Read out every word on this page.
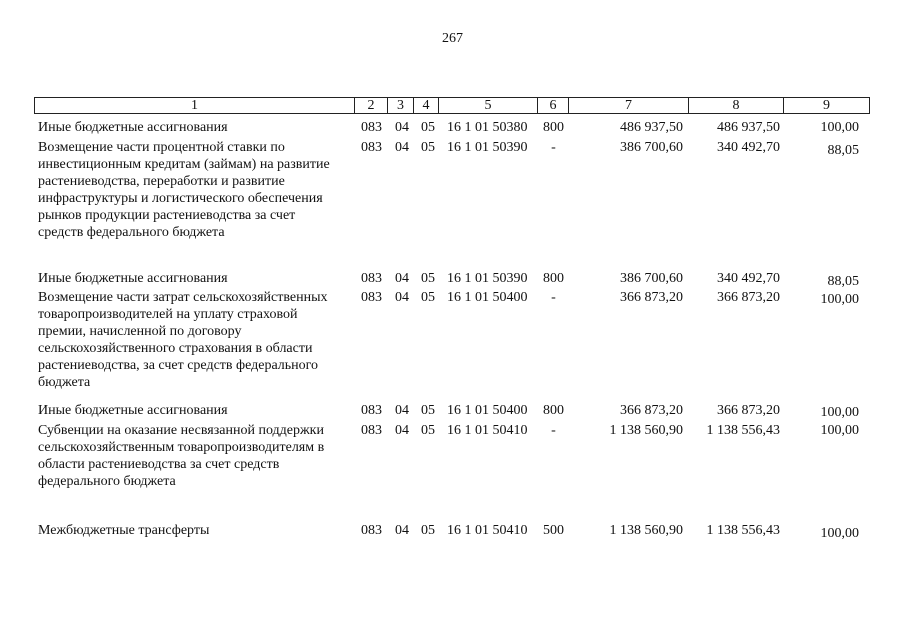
267
1	2	3	4	5	6	7	8	9
Иные бюджетные ассигнования	083 04 05 16 1 01 50380	800	486 937,50	486 937,50	100,00
Возмещение части процентной ставки по
инвестиционным кредитам (займам) на развитие
растениеводства, переработки и развитие
инфраструктуры и логистического обеспечения
рынков продукции растениеводства за счет
средств федерального бюджета
083 04 05 16 1 01 50390	-	386 700,60	340 492,70	88,05
Иные бюджетные ассигнования	083 04 05 16 1 01 50390	800	386 700,60	340 492,70	88,05
Возмещение части затрат сельскохозяйственных
товаропроизводителей на уплату страховой
премии, начисленной по договору
сельскохозяйственного страхования в области
растениеводства, за счет средств федерального
бюджета
083 04 05 16 1 01 50400	-	366 873,20	366 873,20	100,00
Иные бюджетные ассигнования	083 04 05 16 1 01 50400	800	366 873,20	366 873,20	100,00
Субвенции на оказание несвязанной поддержки
сельскохозяйственным товаропроизводителям в
области растениеводства за счет средств
федерального бюджета
083 04 05 16 1 01 50410	-	1 138 560,90	1 138 556,43	100,00
Межбюджетные трансферты	083 04 05 16 1 01 50410	500	1 138 560,90	1 138 556,43	100,00
